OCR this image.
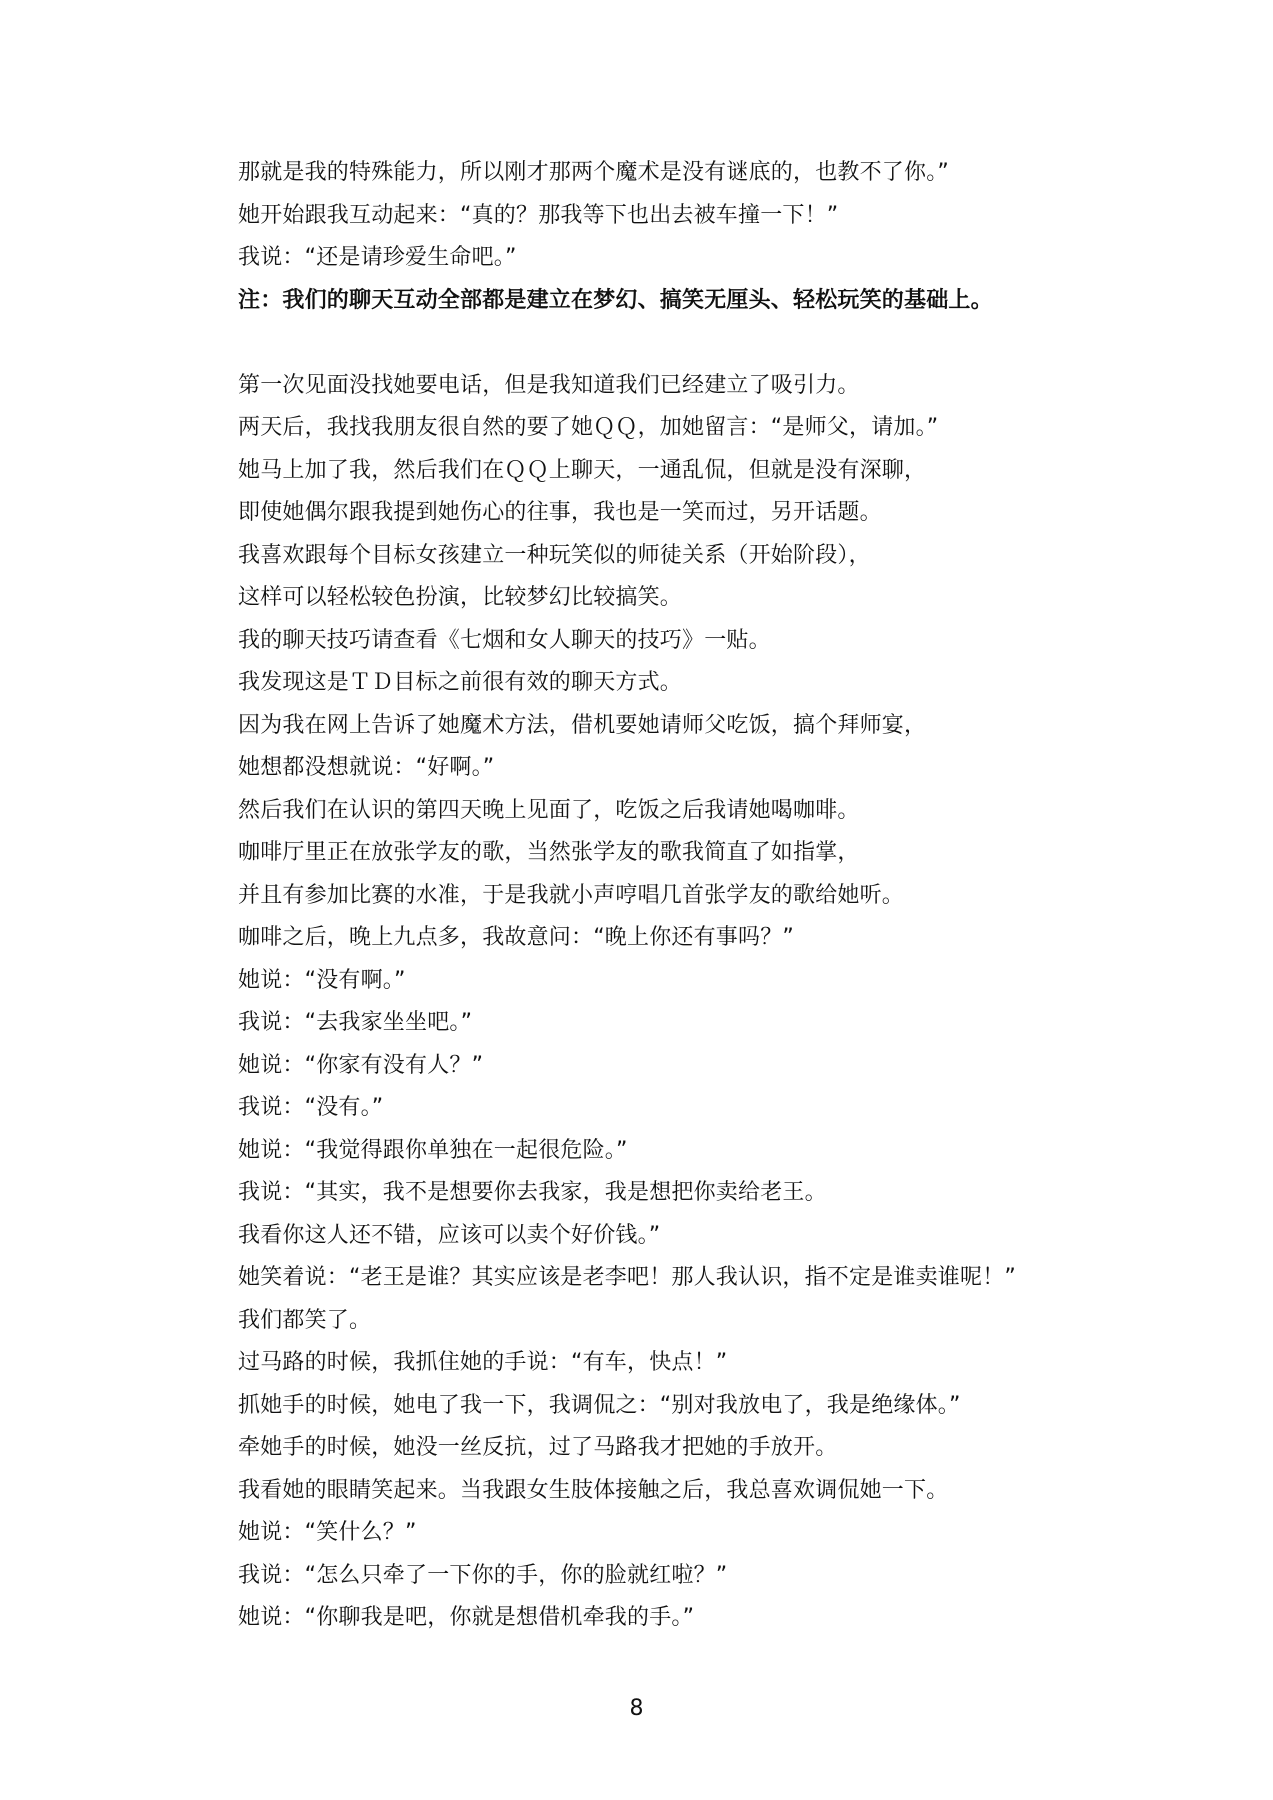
那就是我的特殊能力，所以刚才那两个魔术是没有谜底的，也教不了你。”
她开始跟我互动起来：“真的？那我等下也出去被车撞一下！”
我说：“还是请珍爱生命吧。”
注：我们的聊天互动全部都是建立在梦幻、搞笑无厘头、轻松玩笑的基础上。
第一次见面没找她要电话，但是我知道我们已经建立了吸引力。
两天后，我找我朋友很自然的要了她ＱＱ，加她留言：“是师父，请加。”
她马上加了我，然后我们在ＱＱ上聊天，一通乱侃，但就是没有深聊，
即使她偶尔跟我提到她伤心的往事，我也是一笑而过，另开话题。
我喜欢跟每个目标女孩建立一种玩笑似的师徒关系（开始阶段），
这样可以轻松较色扮演，比较梦幻比较搞笑。
我的聊天技巧请查看《七烟和女人聊天的技巧》一贴。
我发现这是ＴＤ目标之前很有效的聊天方式。
因为我在网上告诉了她魔术方法，借机要她请师父吃饭，搞个拜师宴，
她想都没想就说：“好啊。”
然后我们在认识的第四天晚上见面了，吃饭之后我请她喝咖啡。
咖啡厅里正在放张学友的歌，当然张学友的歌我简直了如指掌，
并且有参加比赛的水准，于是我就小声哼唱几首张学友的歌给她听。
咖啡之后，晚上九点多，我故意问：“晚上你还有事吗？”
她说：“没有啊。”
我说：“去我家坐坐吧。”
她说：“你家有没有人？”
我说：“没有。”
她说：“我觉得跟你单独在一起很危险。”
我说：“其实，我不是想要你去我家，我是想把你卖给老王。
我看你这人还不错，应该可以卖个好价钱。”
她笑着说：“老王是谁？其实应该是老李吧！那人我认识，指不定是谁卖谁呢！”
我们都笑了。
过马路的时候，我抓住她的手说：“有车，快点！”
抓她手的时候，她电了我一下，我调侃之：“别对我放电了，我是绝缘体。”
牵她手的时候，她没一丝反抗，过了马路我才把她的手放开。
我看她的眼睛笑起来。当我跟女生肢体接触之后，我总喜欢调侃她一下。
她说：“笑什么？”
我说：“怎么只牵了一下你的手，你的脸就红啦？”
她说：“你聊我是吧，你就是想借机牵我的手。”
8
